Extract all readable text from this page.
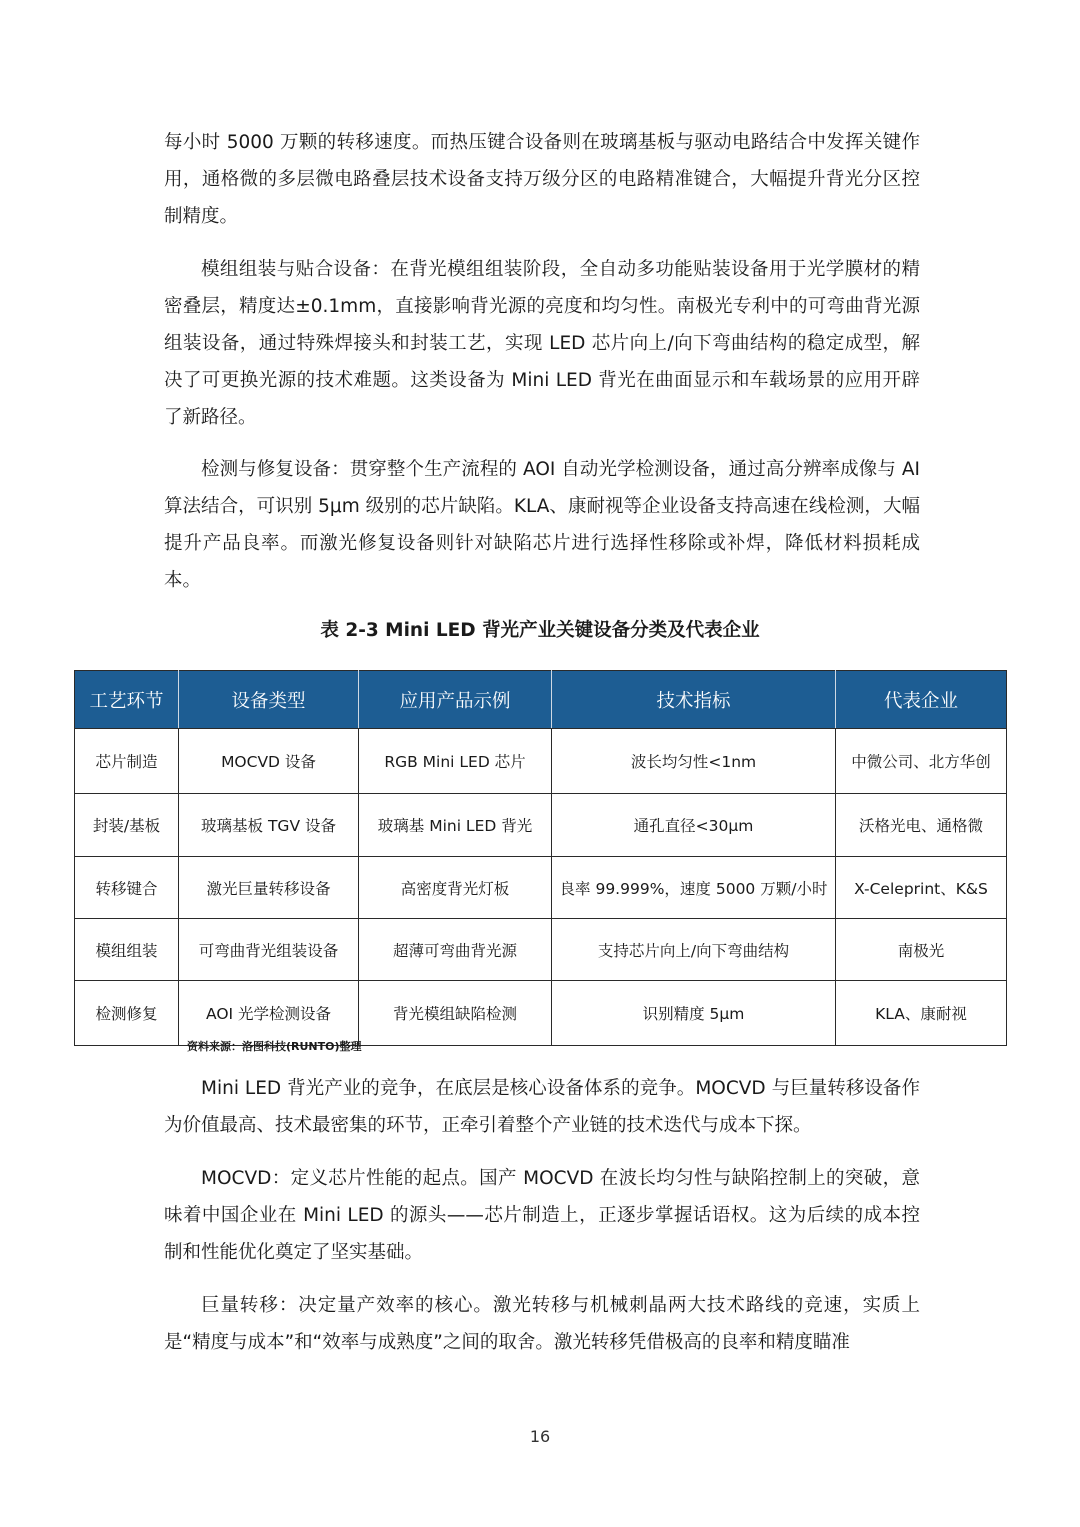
每小时 5000 万颗的转移速度。而热压键合设备则在玻璃基板与驱动电路结合中发挥关键作用，通格微的多层微电路叠层技术设备支持万级分区的电路精准键合，大幅提升背光分区控制精度。

模组组装与贴合设备：在背光模组组装阶段，全自动多功能贴装设备用于光学膜材的精密叠层，精度达±0.1mm，直接影响背光源的亮度和均匀性。南极光专利中的可弯曲背光源组装设备，通过特殊焊接头和封装工艺，实现 LED 芯片向上/向下弯曲结构的稳定成型，解决了可更换光源的技术难题。这类设备为 Mini LED 背光在曲面显示和车载场景的应用开辟了新路径。

检测与修复设备：贯穿整个生产流程的 AOI 自动光学检测设备，通过高分辨率成像与 AI 算法结合，可识别 5μm 级别的芯片缺陷。KLA、康耐视等企业设备支持高速在线检测，大幅提升产品良率。而激光修复设备则针对缺陷芯片进行选择性移除或补焊，降低材料损耗成本。

表 2-3 Mini LED 背光产业关键设备分类及代表企业
工艺环节	设备类型	应用产品示例	技术指标	代表企业
芯片制造	MOCVD 设备	RGB Mini LED 芯片	波长均匀性<1nm	中微公司、北方华创
封装/基板	玻璃基板 TGV 设备	玻璃基 Mini LED 背光	通孔直径<30μm	沃格光电、通格微
转移键合	激光巨量转移设备	高密度背光灯板	良率 99.999%，速度 5000 万颗/小时	X-Celeprint、K&S
模组组装	可弯曲背光组装设备	超薄可弯曲背光源	支持芯片向上/向下弯曲结构	南极光
检测修复	AOI 光学检测设备	背光模组缺陷检测	识别精度 5μm	KLA、康耐视
资料来源：洛图科技(RUNTO)整理

Mini LED 背光产业的竞争，在底层是核心设备体系的竞争。MOCVD 与巨量转移设备作为价值最高、技术最密集的环节，正牵引着整个产业链的技术迭代与成本下探。

MOCVD：定义芯片性能的起点。国产 MOCVD 在波长均匀性与缺陷控制上的突破，意味着中国企业在 Mini LED 的源头——芯片制造上，正逐步掌握话语权。这为后续的成本控制和性能优化奠定了坚实基础。

巨量转移：决定量产效率的核心。激光转移与机械刺晶两大技术路线的竞速，实质上是“精度与成本”和“效率与成熟度”之间的取舍。激光转移凭借极高的良率和精度瞄准

16
